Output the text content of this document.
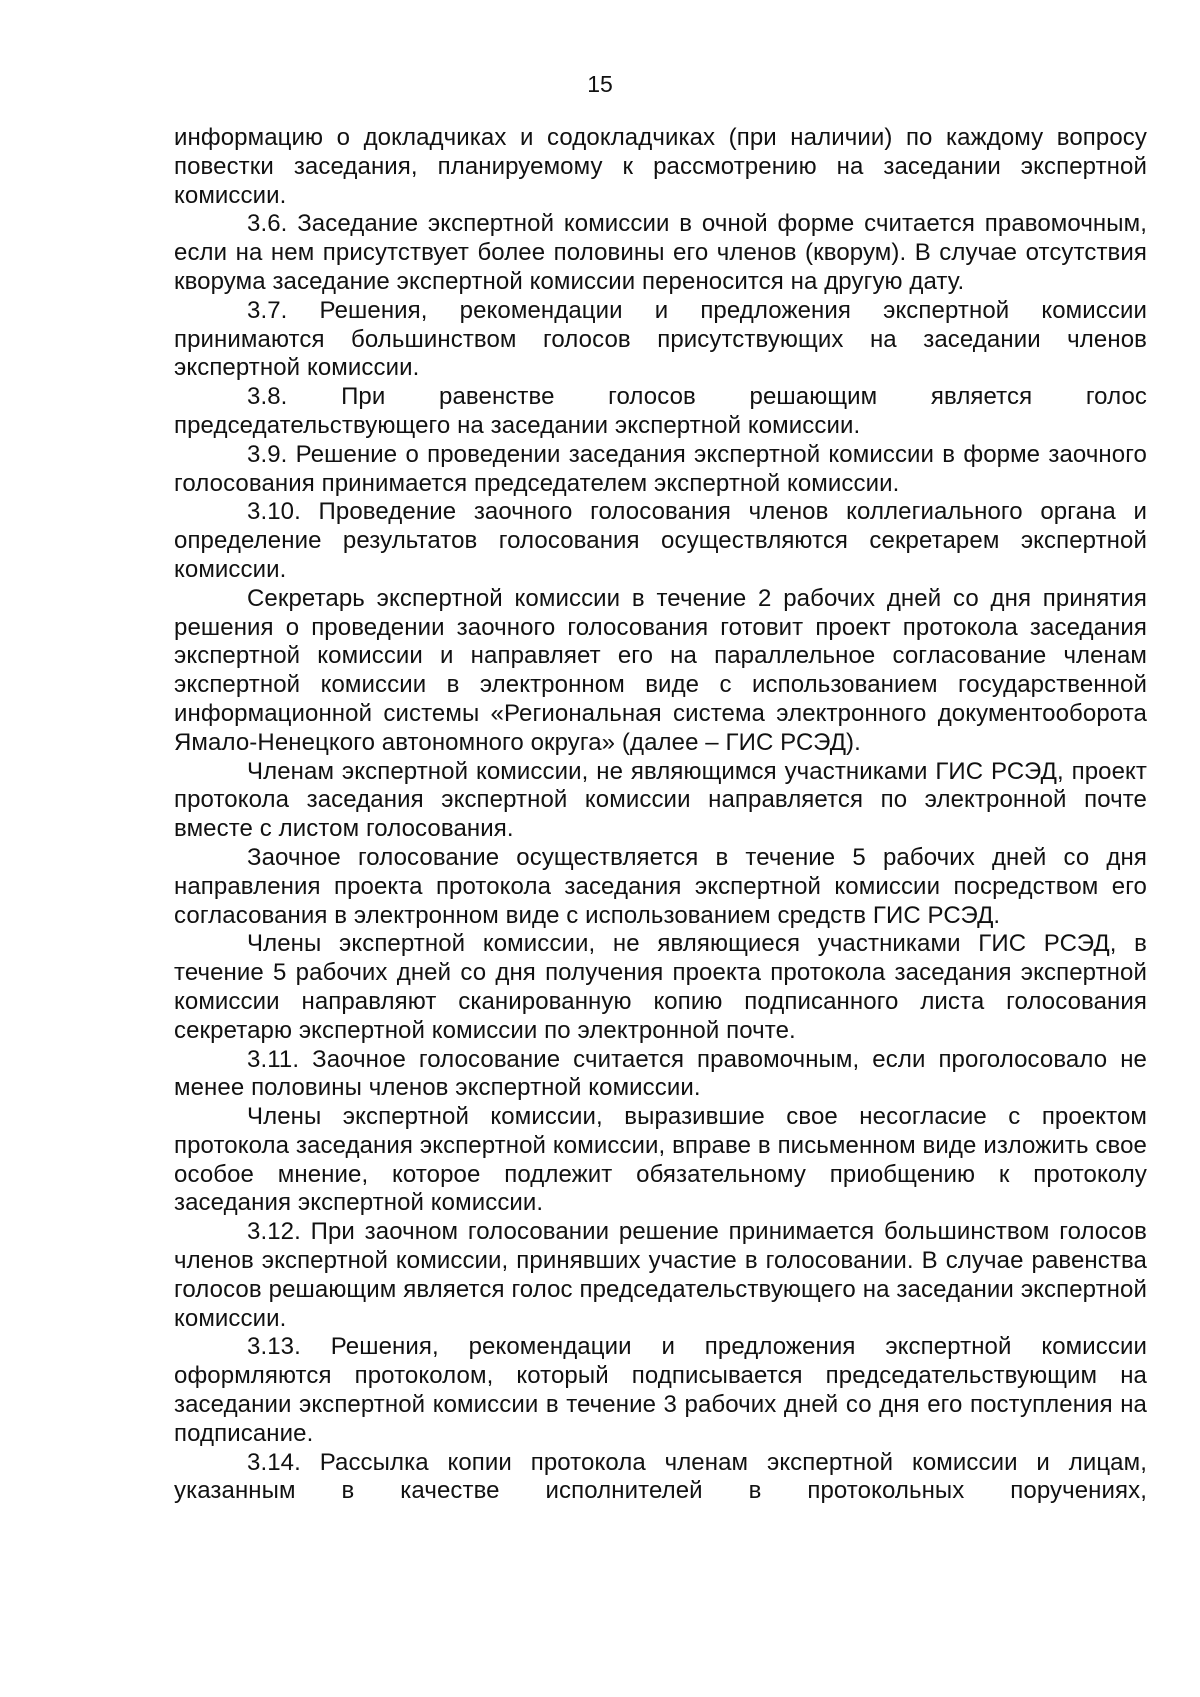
15

информацию о докладчиках и содокладчиках (при наличии) по каждому вопросу повестки заседания, планируемому к рассмотрению на заседании экспертной комиссии.

3.6. Заседание экспертной комиссии в очной форме считается правомочным, если на нем присутствует более половины его членов (кворум). В случае отсутствия кворума заседание экспертной комиссии переносится на другую дату.

3.7. Решения, рекомендации и предложения экспертной комиссии принимаются большинством голосов присутствующих на заседании членов экспертной комиссии.

3.8. При равенстве голосов решающим является голос председательствующего на заседании экспертной комиссии.

3.9. Решение о проведении заседания экспертной комиссии в форме заочного голосования принимается председателем экспертной комиссии.

3.10. Проведение заочного голосования членов коллегиального органа и определение результатов голосования осуществляются секретарем экспертной комиссии.

Секретарь экспертной комиссии в течение 2 рабочих дней со дня принятия решения о проведении заочного голосования готовит проект протокола заседания экспертной комиссии и направляет его на параллельное согласование членам экспертной комиссии в электронном виде с использованием государственной информационной системы «Региональная система электронного документооборота Ямало-Ненецкого автономного округа» (далее – ГИС РСЭД).

Членам экспертной комиссии, не являющимся участниками ГИС РСЭД, проект протокола заседания экспертной комиссии направляется по электронной почте вместе с листом голосования.

Заочное голосование осуществляется в течение 5 рабочих дней со дня направления проекта протокола заседания экспертной комиссии посредством его согласования в электронном виде с использованием средств ГИС РСЭД.

Члены экспертной комиссии, не являющиеся участниками ГИС РСЭД, в течение 5 рабочих дней со дня получения проекта протокола заседания экспертной комиссии направляют сканированную копию подписанного листа голосования секретарю экспертной комиссии по электронной почте.

3.11. Заочное голосование считается правомочным, если проголосовало не менее половины членов экспертной комиссии.

Члены экспертной комиссии, выразившие свое несогласие с проектом протокола заседания экспертной комиссии, вправе в письменном виде изложить свое особое мнение, которое подлежит обязательному приобщению к протоколу заседания экспертной комиссии.

3.12. При заочном голосовании решение принимается большинством голосов членов экспертной комиссии, принявших участие в голосовании. В случае равенства голосов решающим является голос председательствующего на заседании экспертной комиссии.

3.13. Решения, рекомендации и предложения экспертной комиссии оформляются протоколом, который подписывается председательствующим на заседании экспертной комиссии в течение 3 рабочих дней со дня его поступления на подписание.

3.14. Рассылка копии протокола членам экспертной комиссии и лицам, указанным в качестве исполнителей в протокольных поручениях,
